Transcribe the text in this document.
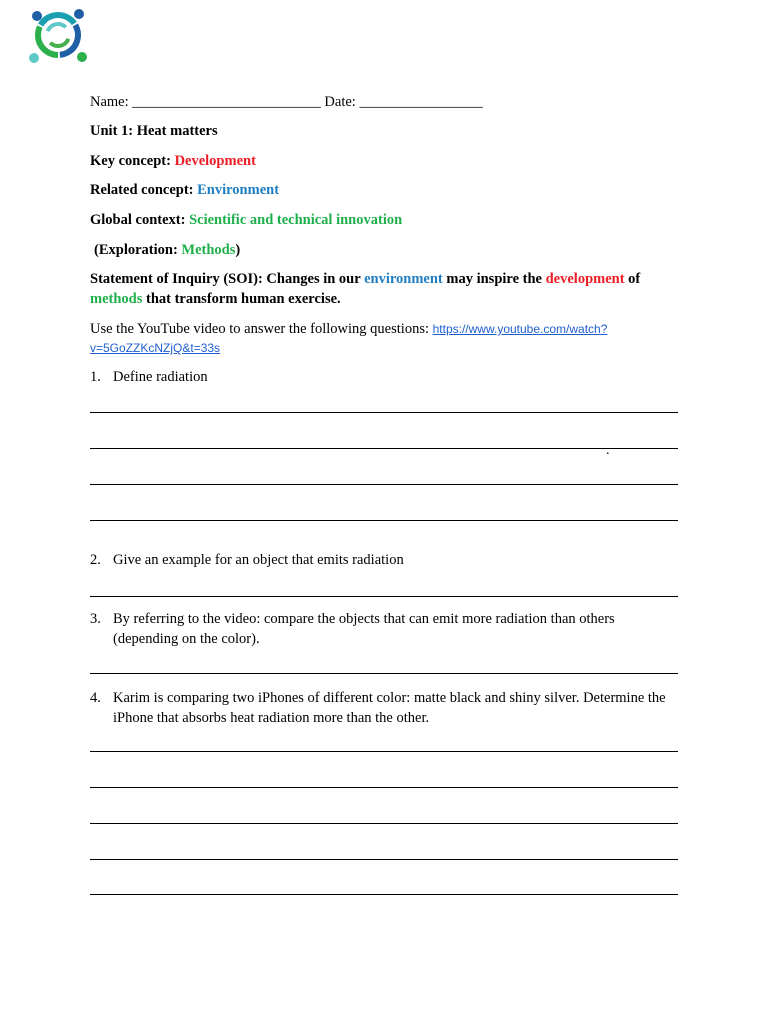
Name: __________________________ Date: _________________
Unit 1: Heat matters
Key concept: Development
Related concept: Environment
Global context: Scientific and technical innovation
(Exploration: Methods)
Statement of Inquiry (SOI): Changes in our environment may inspire the development of
methods that transform human exercise.
Use the YouTube video to answer the following questions: https://www.youtube.com/watch?
v=5GoZZKcNZjQ&t=33s
1. Define radiation
.
2. Give an example for an object that emits radiation
3. By referring to the video: compare the objects that can emit more radiation than others (depending on the color).
4. Karim is comparing two iPhones of different color: matte black and shiny silver. Determine the iPhone that absorbs heat radiation more than the other.
